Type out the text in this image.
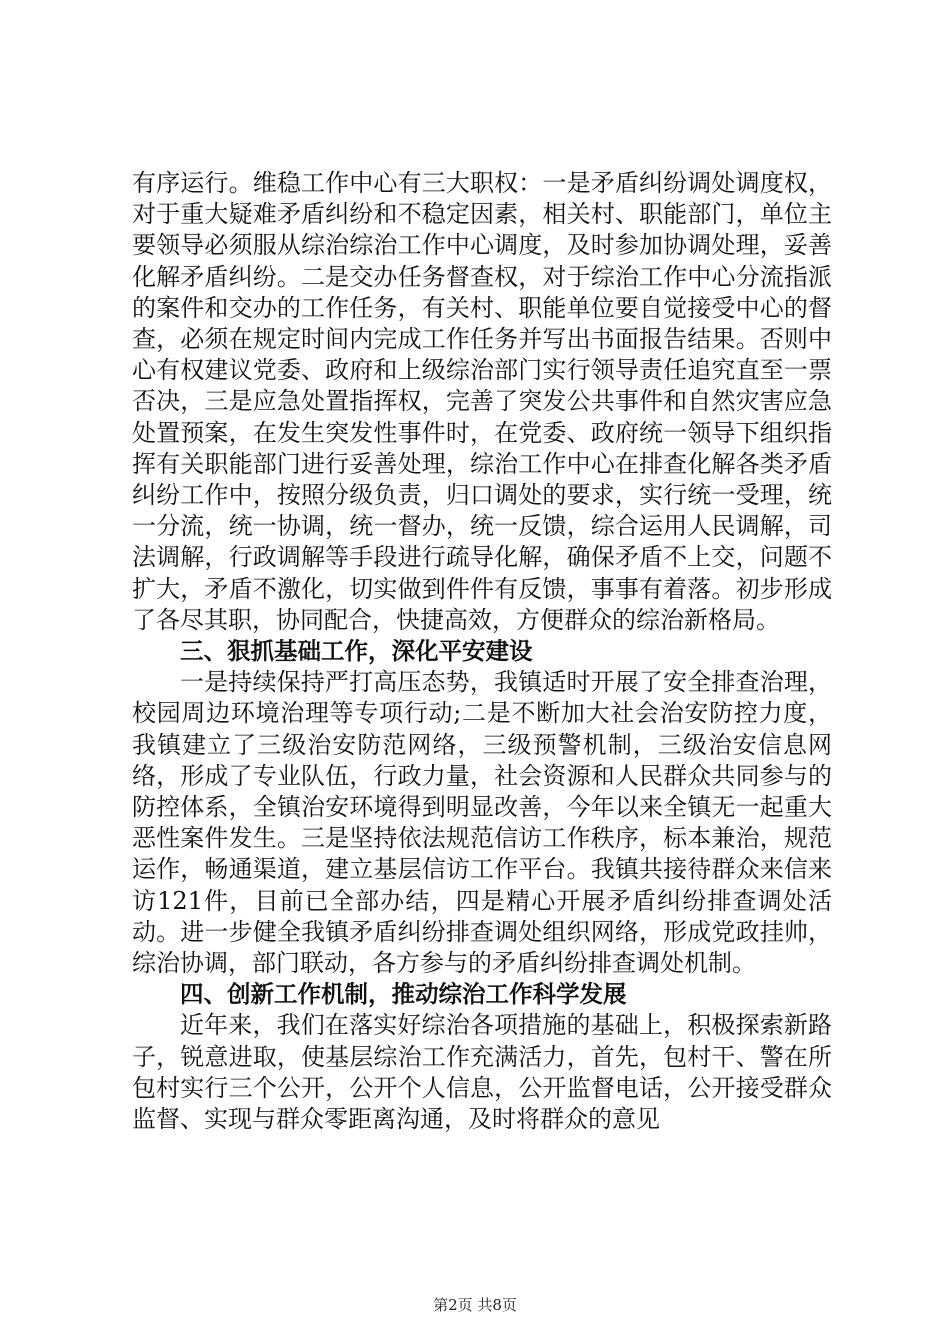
有序运行。维稳工作中心有三大职权：一是矛盾纠纷调处调度权，对于重大疑难矛盾纠纷和不稳定因素，相关村、职能部门，单位主要领导必须服从综治综治工作中心调度，及时参加协调处理，妥善化解矛盾纠纷。二是交办任务督查权，对于综治工作中心分流指派的案件和交办的工作任务，有关村、职能单位要自觉接受中心的督查，必须在规定时间内完成工作任务并写出书面报告结果。否则中心有权建议党委、政府和上级综治部门实行领导责任追究直至一票否决，三是应急处置指挥权，完善了突发公共事件和自然灾害应急处置预案，在发生突发性事件时，在党委、政府统一领导下组织指挥有关职能部门进行妥善处理，综治工作中心在排查化解各类矛盾纠纷工作中，按照分级负责，归口调处的要求，实行统一受理，统一分流，统一协调，统一督办，统一反馈，综合运用人民调解，司法调解，行政调解等手段进行疏导化解，确保矛盾不上交，问题不扩大，矛盾不激化，切实做到件件有反馈，事事有着落。初步形成了各尽其职，协同配合，快捷高效，方便群众的综治新格局。

三、狠抓基础工作，深化平安建设

一是持续保持严打高压态势，我镇适时开展了安全排查治理，校园周边环境治理等专项行动;二是不断加大社会治安防控力度，我镇建立了三级治安防范网络，三级预警机制，三级治安信息网络，形成了专业队伍，行政力量，社会资源和人民群众共同参与的防控体系，全镇治安环境得到明显改善，今年以来全镇无一起重大恶性案件发生。三是坚持依法规范信访工作秩序，标本兼治，规范运作，畅通渠道，建立基层信访工作平台。我镇共接待群众来信来访121件，目前已全部办结，四是精心开展矛盾纠纷排查调处活动。进一步健全我镇矛盾纠纷排查调处组织网络，形成党政挂帅，综治协调，部门联动，各方参与的矛盾纠纷排查调处机制。

四、创新工作机制，推动综治工作科学发展

近年来，我们在落实好综治各项措施的基础上，积极探索新路子，锐意进取，使基层综治工作充满活力，首先，包村干、警在所包村实行三个公开，公开个人信息，公开监督电话，公开接受群众监督、实现与群众零距离沟通，及时将群众的意见

第2页 共8页
